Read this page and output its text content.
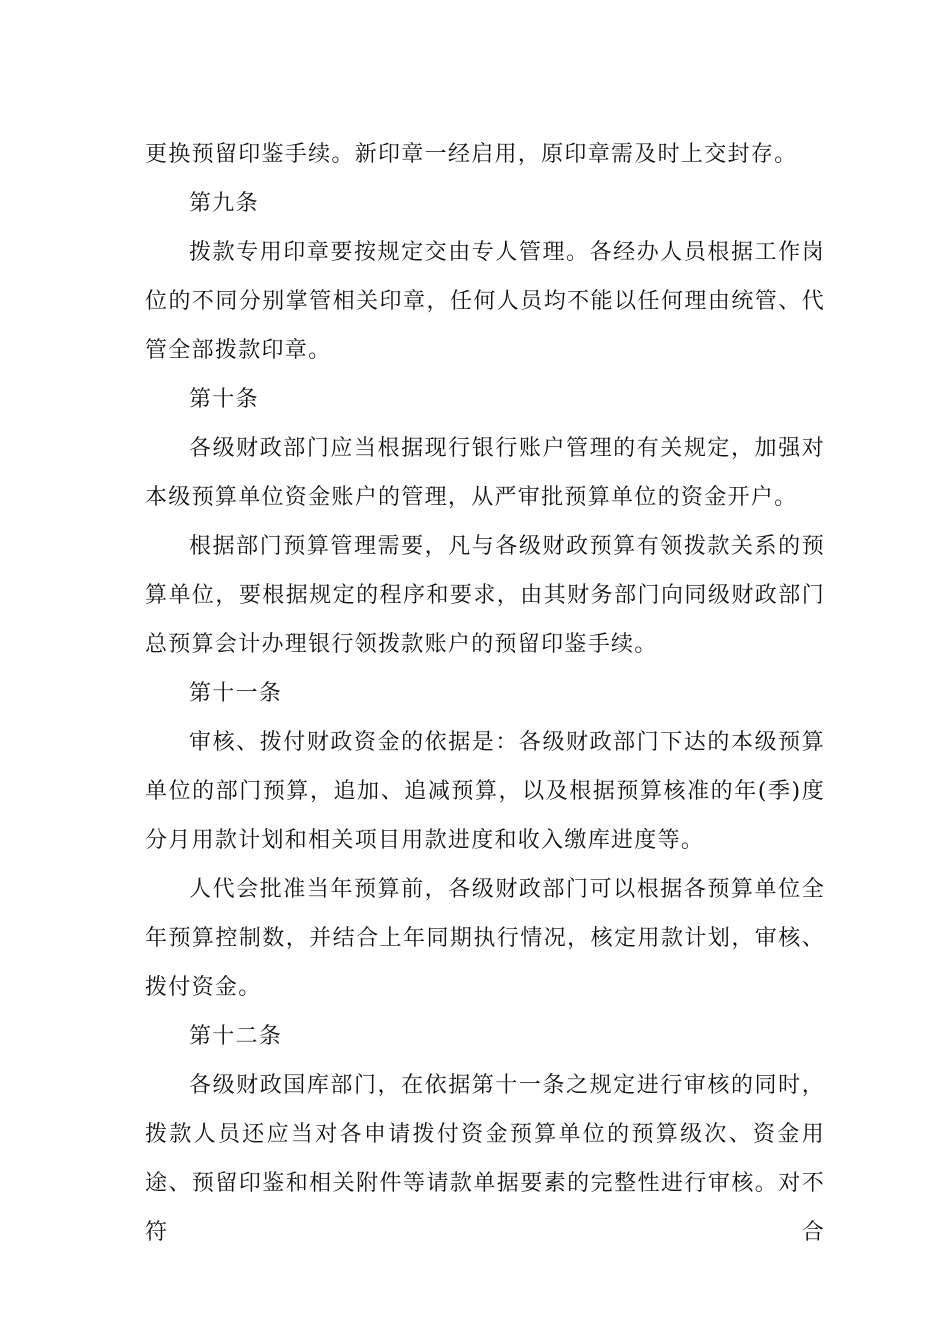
更换预留印鉴手续。新印章一经启用，原印章需及时上交封存。

第九条

拨款专用印章要按规定交由专人管理。各经办人员根据工作岗位的不同分别掌管相关印章，任何人员均不能以任何理由统管、代管全部拨款印章。

第十条

各级财政部门应当根据现行银行账户管理的有关规定，加强对本级预算单位资金账户的管理，从严审批预算单位的资金开户。

根据部门预算管理需要，凡与各级财政预算有领拨款关系的预算单位，要根据规定的程序和要求，由其财务部门向同级财政部门总预算会计办理银行领拨款账户的预留印鉴手续。

第十一条

审核、拨付财政资金的依据是：各级财政部门下达的本级预算单位的部门预算，追加、追减预算，以及根据预算核准的年(季)度分月用款计划和相关项目用款进度和收入缴库进度等。

人代会批准当年预算前，各级财政部门可以根据各预算单位全年预算控制数，并结合上年同期执行情况，核定用款计划，审核、拨付资金。

第十二条

各级财政国库部门，在依据第十一条之规定进行审核的同时，拨款人员还应当对各申请拨付资金预算单位的预算级次、资金用途、预留印鉴和相关附件等请款单据要素的完整性进行审核。对不符合
